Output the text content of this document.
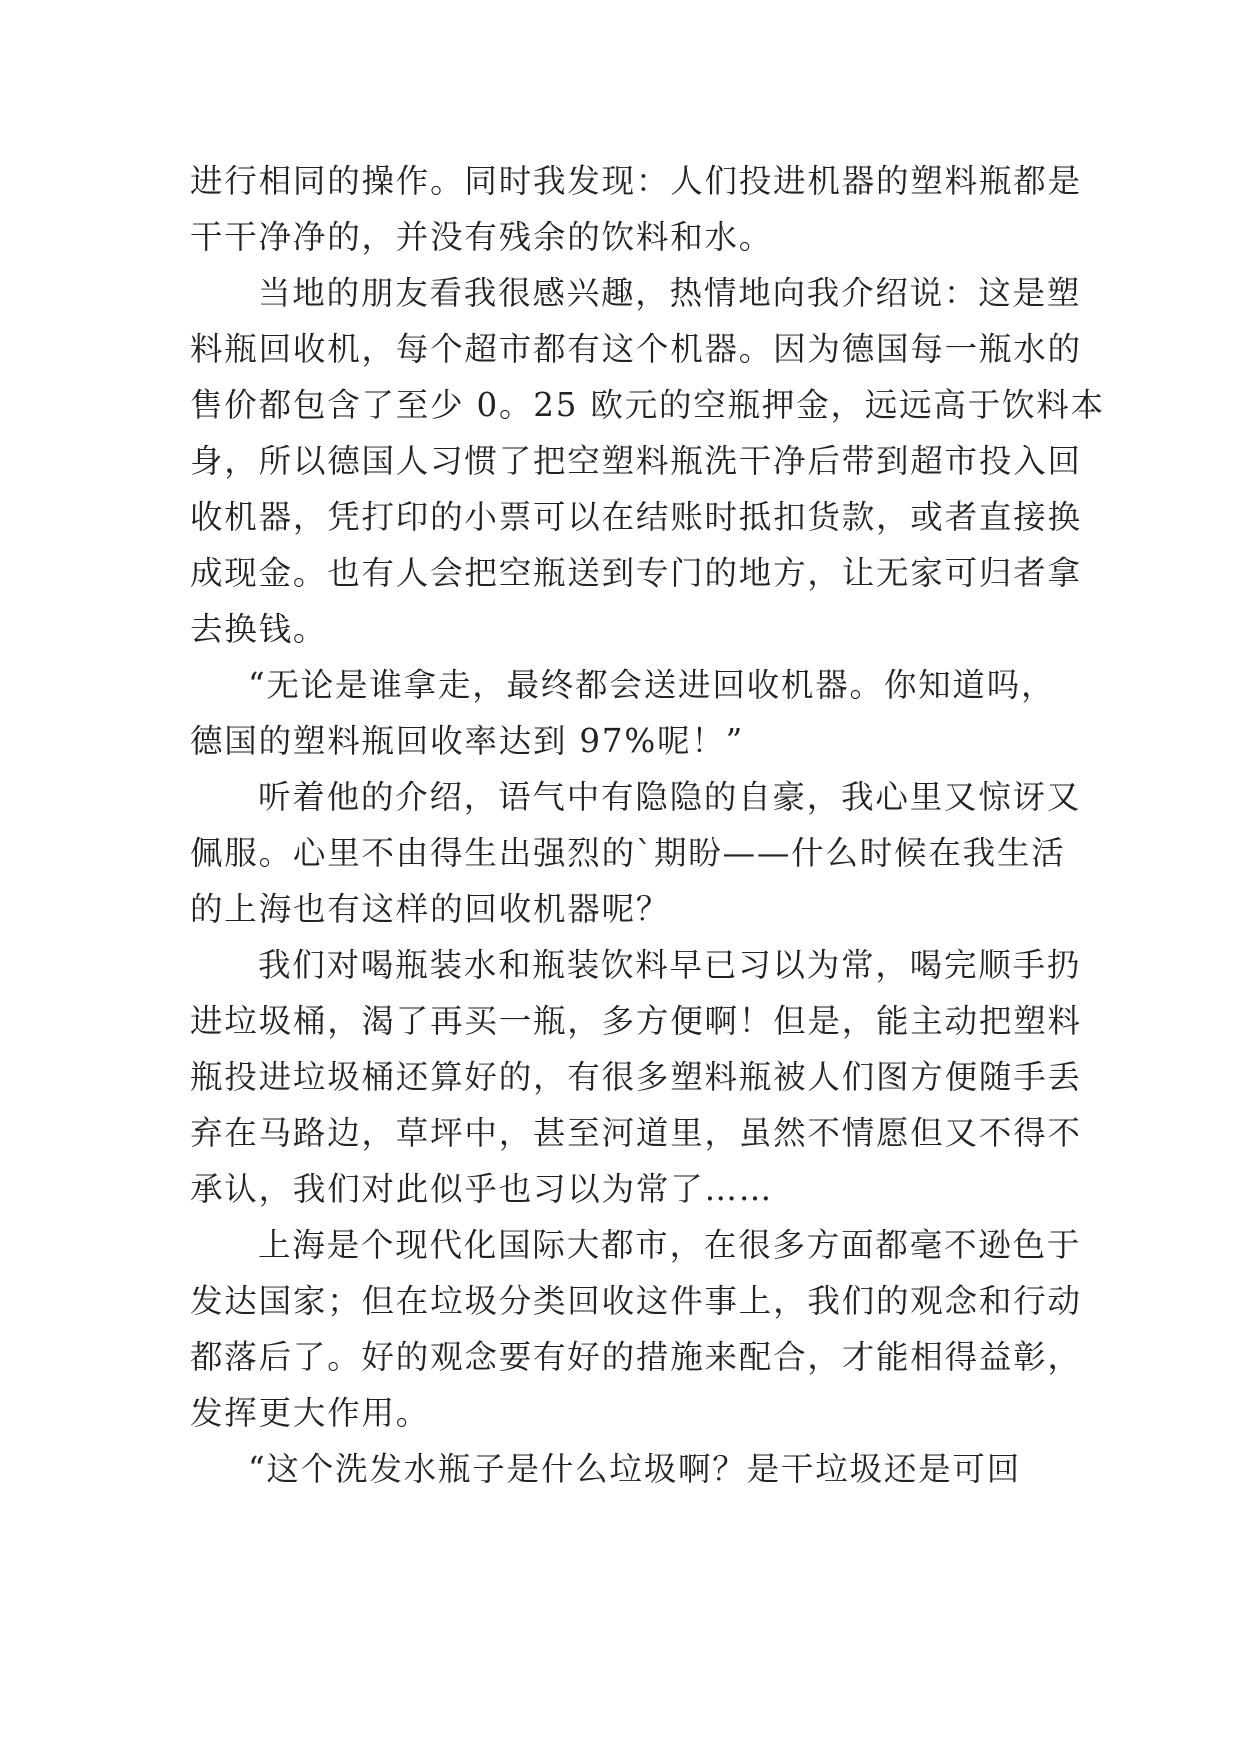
进行相同的操作。同时我发现：人们投进机器的塑料瓶都是
干干净净的，并没有残余的饮料和水。

当地的朋友看我很感兴趣，热情地向我介绍说：这是塑
料瓶回收机，每个超市都有这个机器。因为德国每一瓶水的
售价都包含了至少 0。25 欧元的空瓶押金，远远高于饮料本
身，所以德国人习惯了把空塑料瓶洗干净后带到超市投入回
收机器，凭打印的小票可以在结账时抵扣货款，或者直接换
成现金。也有人会把空瓶送到专门的地方，让无家可归者拿
去换钱。

“无论是谁拿走，最终都会送进回收机器。你知道吗，
德国的塑料瓶回收率达到 97%呢！”

听着他的介绍，语气中有隐隐的自豪，我心里又惊讶又
佩服。心里不由得生出强烈的`期盼——什么时候在我生活
的上海也有这样的回收机器呢？

我们对喝瓶装水和瓶装饮料早已习以为常，喝完顺手扔
进垃圾桶，渴了再买一瓶，多方便啊！但是，能主动把塑料
瓶投进垃圾桶还算好的，有很多塑料瓶被人们图方便随手丢
弃在马路边，草坪中，甚至河道里，虽然不情愿但又不得不
承认，我们对此似乎也习以为常了……

上海是个现代化国际大都市，在很多方面都毫不逊色于
发达国家；但在垃圾分类回收这件事上，我们的观念和行动
都落后了。好的观念要有好的措施来配合，才能相得益彰，
发挥更大作用。

“这个洗发水瓶子是什么垃圾啊？是干垃圾还是可回
